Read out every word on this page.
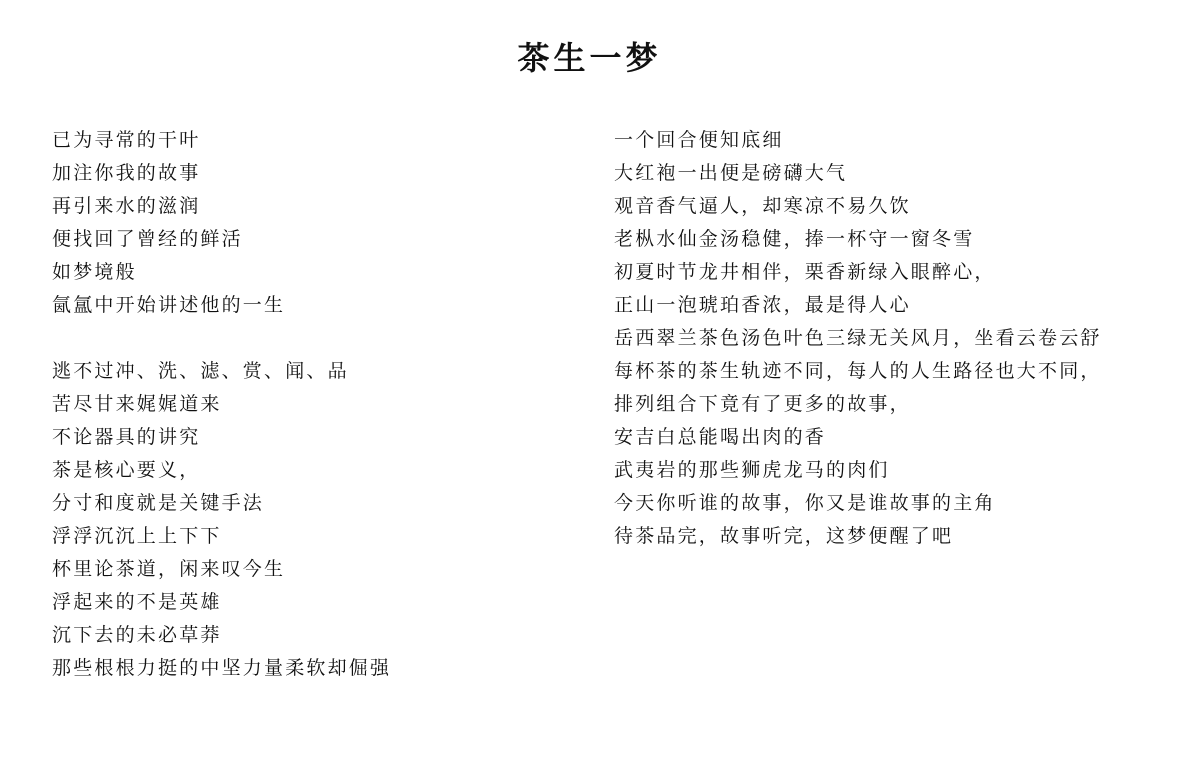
茶生一梦
已为寻常的干叶
加注你我的故事
再引来水的滋润
便找回了曾经的鲜活
如梦境般
氤氲中开始讲述他的一生
逃不过冲、洗、滤、赏、闻、品
苦尽甘来娓娓道来
不论器具的讲究
茶是核心要义，
分寸和度就是关键手法
浮浮沉沉上上下下
杯里论茶道，闲来叹今生
浮起来的不是英雄
沉下去的未必草莽
那些根根力挺的中坚力量柔软却倔强
一个回合便知底细
大红袍一出便是磅礴大气
观音香气逼人，却寒凉不易久饮
老枞水仙金汤稳健，捧一杯守一窗冬雪
初夏时节龙井相伴，栗香新绿入眼醉心，
正山一泡琥珀香浓，最是得人心
岳西翠兰茶色汤色叶色三绿无关风月，坐看云卷云舒
每杯茶的茶生轨迹不同，每人的人生路径也大不同，
排列组合下竟有了更多的故事，
安吉白总能喝出肉的香
武夷岩的那些狮虎龙马的肉们
今天你听谁的故事，你又是谁故事的主角
待茶品完，故事听完，这梦便醒了吧
